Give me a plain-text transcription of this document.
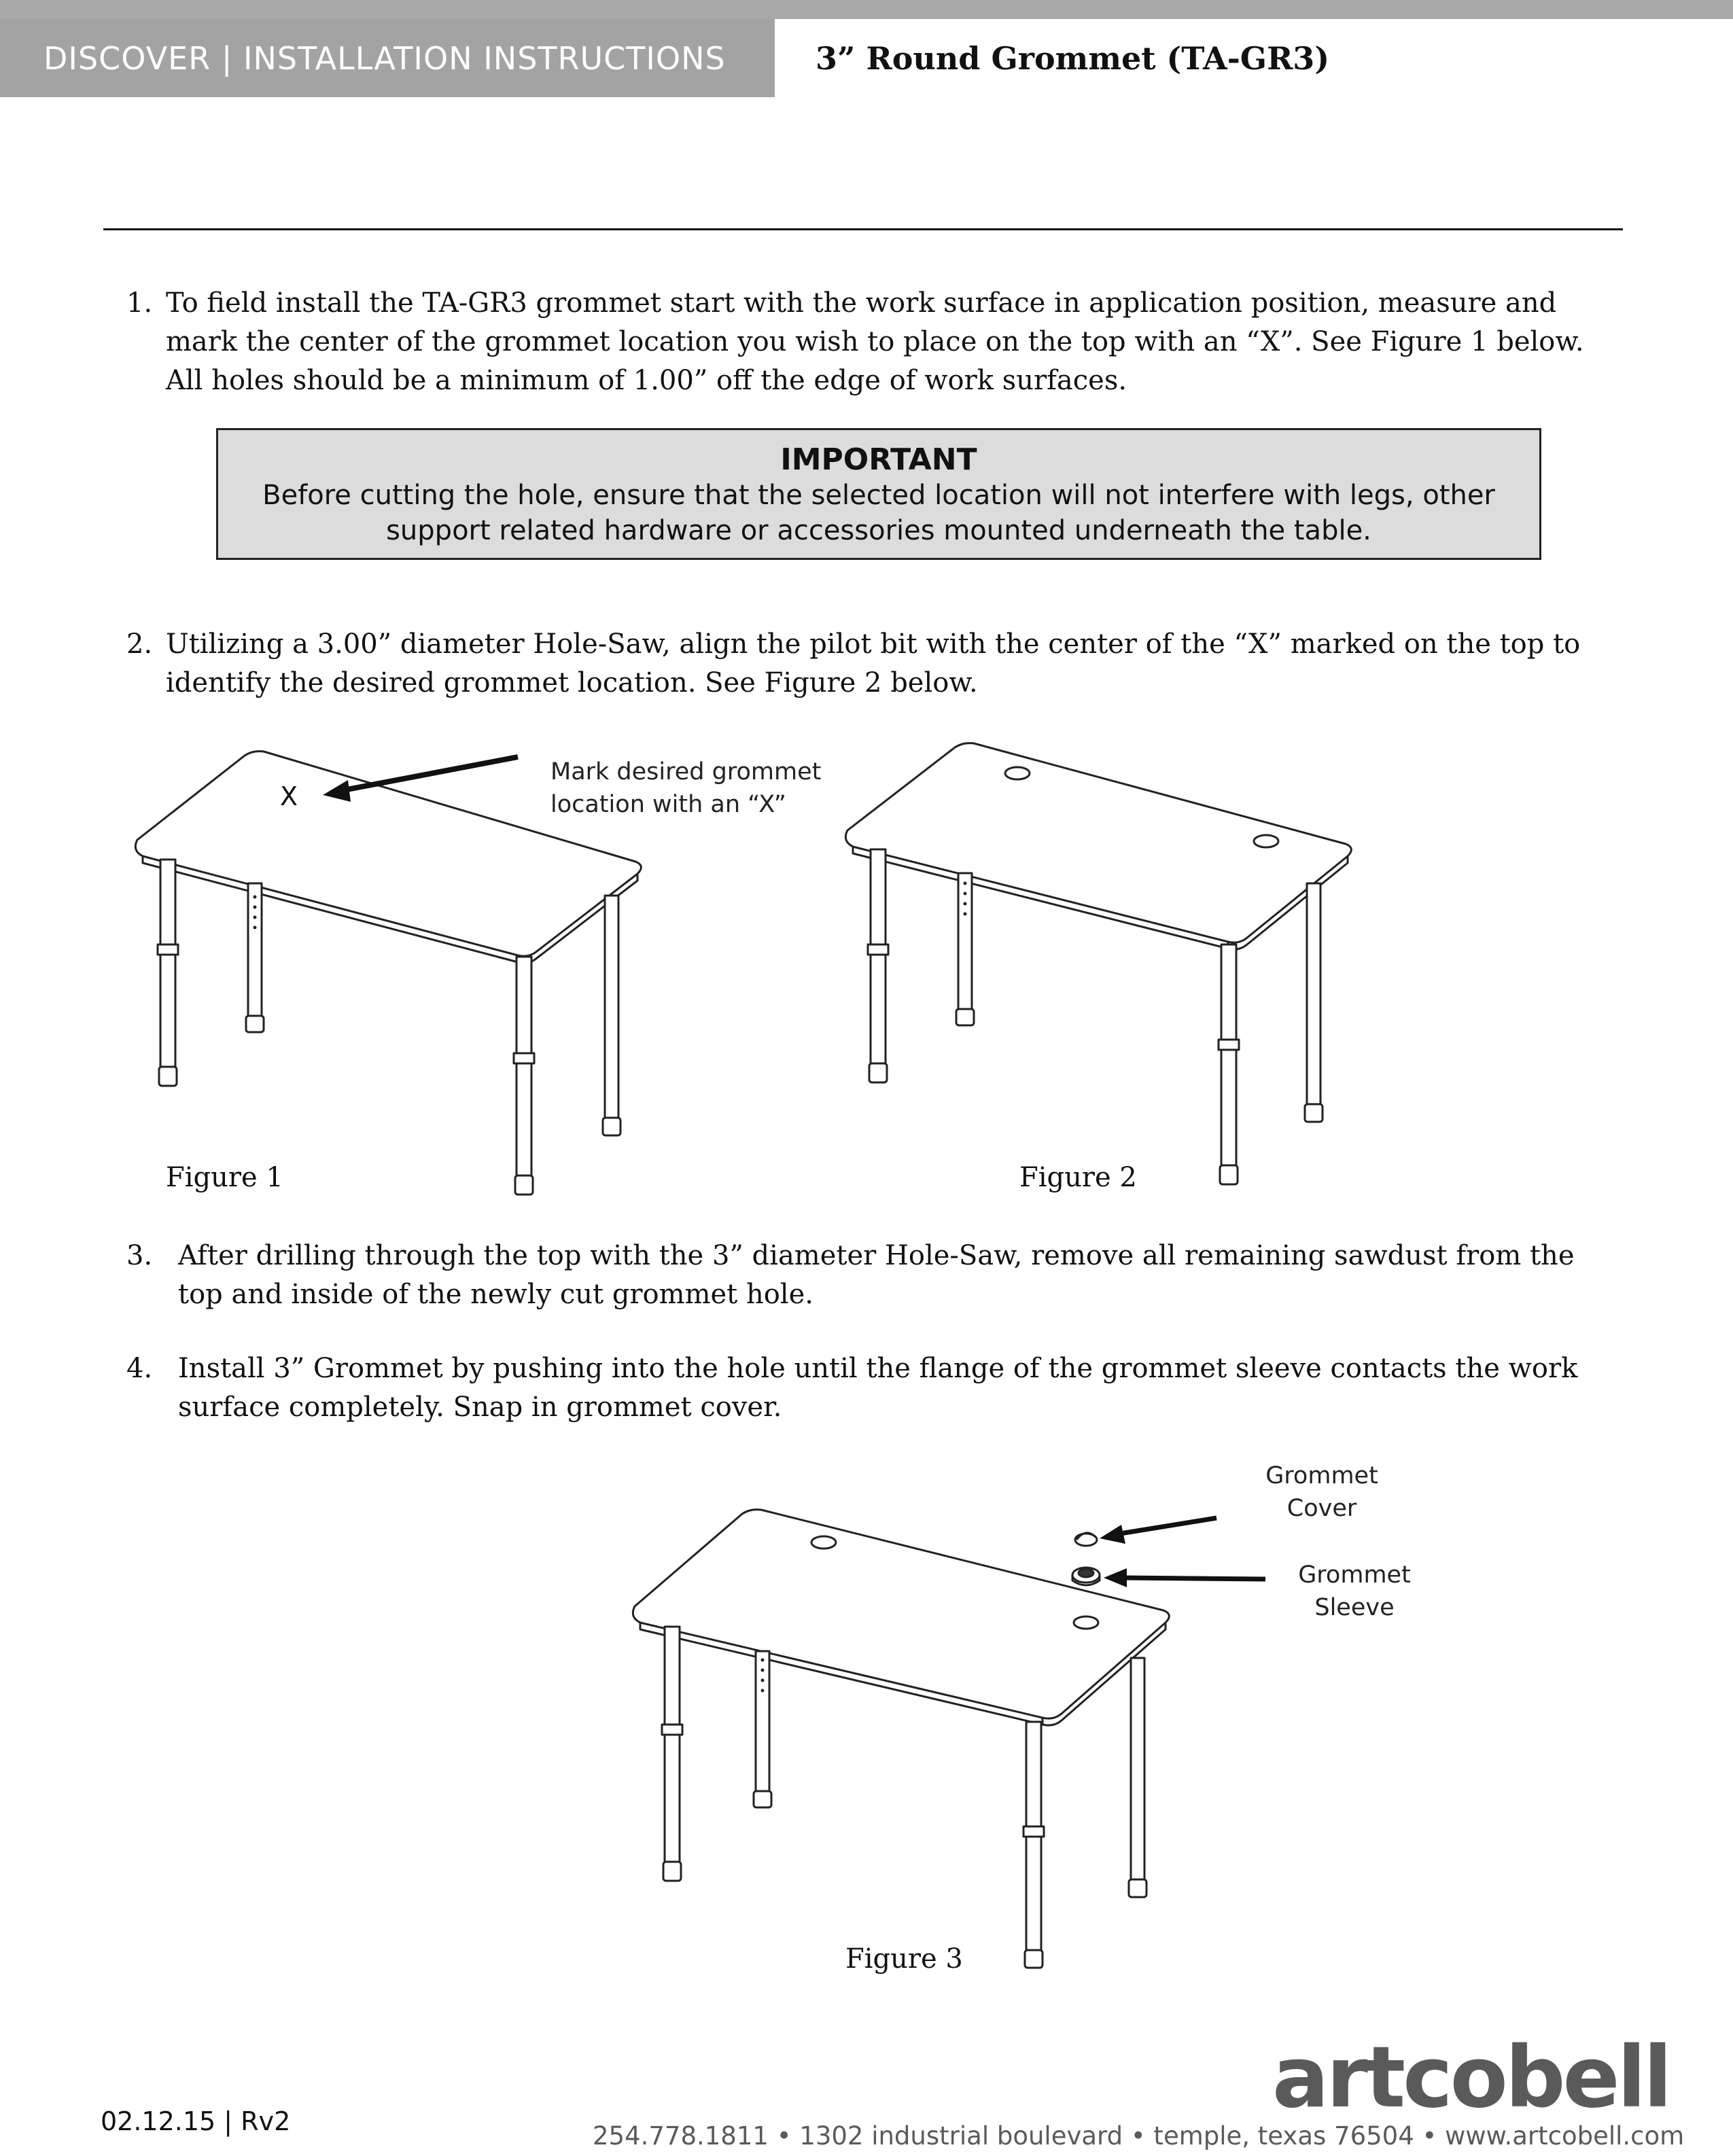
DISCOVER | INSTALLATION INSTRUCTIONS	3” Round Grommet (TA-GR3)
1. To field install the TA-GR3 grommet start with the work surface in application position, measure and mark the center of the grommet location you wish to place on the top with an “X”. See Figure 1 below. All holes should be a minimum of 1.00” off the edge of work surfaces.
IMPORTANT
Before cutting the hole, ensure that the selected location will not interfere with legs, other support related hardware or accessories mounted underneath the table.
2. Utilizing a 3.00” diameter Hole-Saw, align the pilot bit with the center of the “X” marked on the top to identify the desired grommet location. See Figure 2 below.
X
Mark desired grommet
location with an “X”
Figure 1	Figure 2
3. After drilling through the top with the 3” diameter Hole-Saw, remove all remaining sawdust from the top and inside of the newly cut grommet hole.
4. Install 3” Grommet by pushing into the hole until the flange of the grommet sleeve contacts the work surface completely. Snap in grommet cover.
Grommet
Cover
Grommet
Sleeve
Figure 3
02.12.15 | Rv2	artcobell
254.778.1811 • 1302 industrial boulevard • temple, texas 76504 • www.artcobell.com
